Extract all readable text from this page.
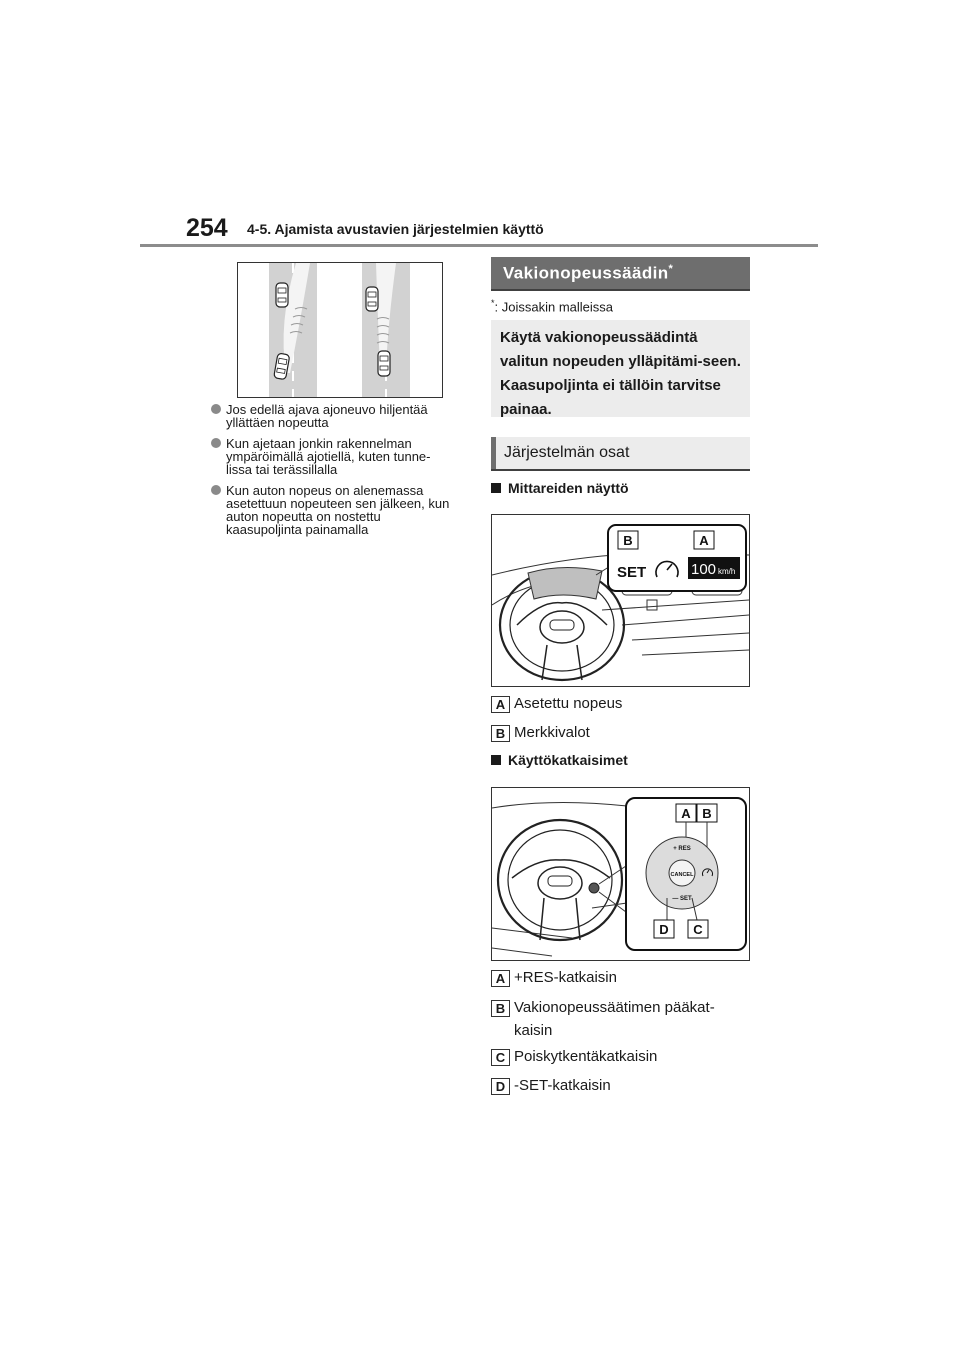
254 4-5. Ajamista avustavien järjestelmien käyttö
Jos edellä ajava ajoneuvo hiljentää yllättäen nopeutta
Kun ajetaan jonkin rakennelman ympäröimällä ajotiellä, kuten tunne-lissa tai terässillalla
Kun auton nopeus on alenemassa asetettuun nopeuteen sen jälkeen, kun auton nopeutta on nostettu kaasupoljinta painamalla
Vakionopeussäädin*
*: Joissakin malleissa
Käytä vakionopeussäädintä valitun nopeuden ylläpitämi-seen. Kaasupoljinta ei tällöin tarvitse painaa.
Järjestelmän osat
Mittareiden näyttö
B	A
SET	100 km/h
A Asetettu nopeus
B Merkkivalot
Käyttökatkaisimet
A B
CANCEL
+ RES
— SET
D C
A +RES-katkaisin
B Vakionopeussäätimen pääkat-kaisin
C Poiskytkentäkatkaisin
D -SET-katkaisin
